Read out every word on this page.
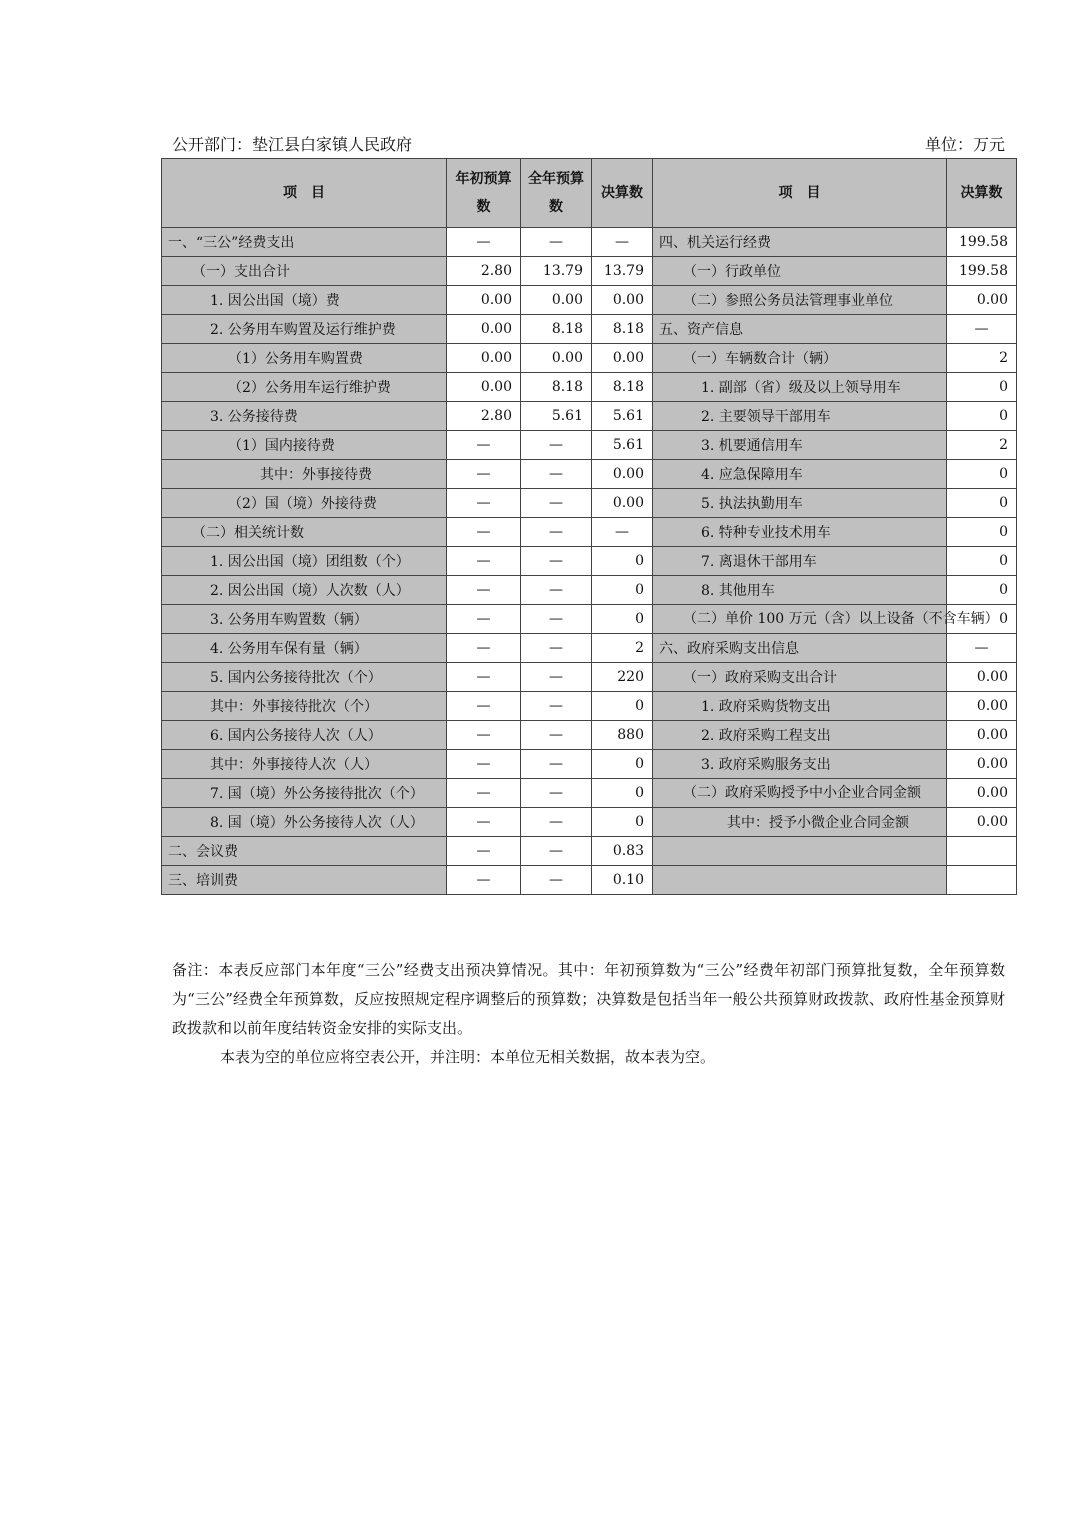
公开部门：垫江县白家镇人民政府	单位：万元
项　目	年初预算数	全年预算数	决算数	项　目	决算数
一、“三公”经费支出	—	—	—	四、机关运行经费	199.58
（一）支出合计	2.80	13.79	13.79	（一）行政单位	199.58
1. 因公出国（境）费	0.00	0.00	0.00	（二）参照公务员法管理事业单位	0.00
2. 公务用车购置及运行维护费	0.00	8.18	8.18	五、资产信息	—
（1）公务用车购置费	0.00	0.00	0.00	（一）车辆数合计（辆）	2
（2）公务用车运行维护费	0.00	8.18	8.18	1. 副部（省）级及以上领导用车	0
3. 公务接待费	2.80	5.61	5.61	2. 主要领导干部用车	0
（1）国内接待费	—	—	5.61	3. 机要通信用车	2
其中：外事接待费	—	—	0.00	4. 应急保障用车	0
（2）国（境）外接待费	—	—	0.00	5. 执法执勤用车	0
（二）相关统计数	—	—	—	6. 特种专业技术用车	0
1. 因公出国（境）团组数（个）	—	—	0	7. 离退休干部用车	0
2. 因公出国（境）人次数（人）	—	—	0	8. 其他用车	0
3. 公务用车购置数（辆）	—	—	0	（二）单价 100 万元（含）以上设备（不含车辆）	0
4. 公务用车保有量（辆）	—	—	2	六、政府采购支出信息	—
5. 国内公务接待批次（个）	—	—	220	（一）政府采购支出合计	0.00
其中：外事接待批次（个）	—	—	0	1. 政府采购货物支出	0.00
6. 国内公务接待人次（人）	—	—	880	2. 政府采购工程支出	0.00
其中：外事接待人次（人）	—	—	0	3. 政府采购服务支出	0.00
7. 国（境）外公务接待批次（个）	—	—	0	（二）政府采购授予中小企业合同金额	0.00
8. 国（境）外公务接待人次（人）	—	—	0	其中：授予小微企业合同金额	0.00
二、会议费	—	—	0.83		
三、培训费	—	—	0.10		

备注：本表反应部门本年度“三公”经费支出预决算情况。其中：年初预算数为“三公”经费年初部门预算批复数，全年预算数为“三公”经费全年预算数，反应按照规定程序调整后的预算数；决算数是包括当年一般公共预算财政拨款、政府性基金预算财政拨款和以前年度结转资金安排的实际支出。

本表为空的单位应将空表公开，并注明：本单位无相关数据，故本表为空。
